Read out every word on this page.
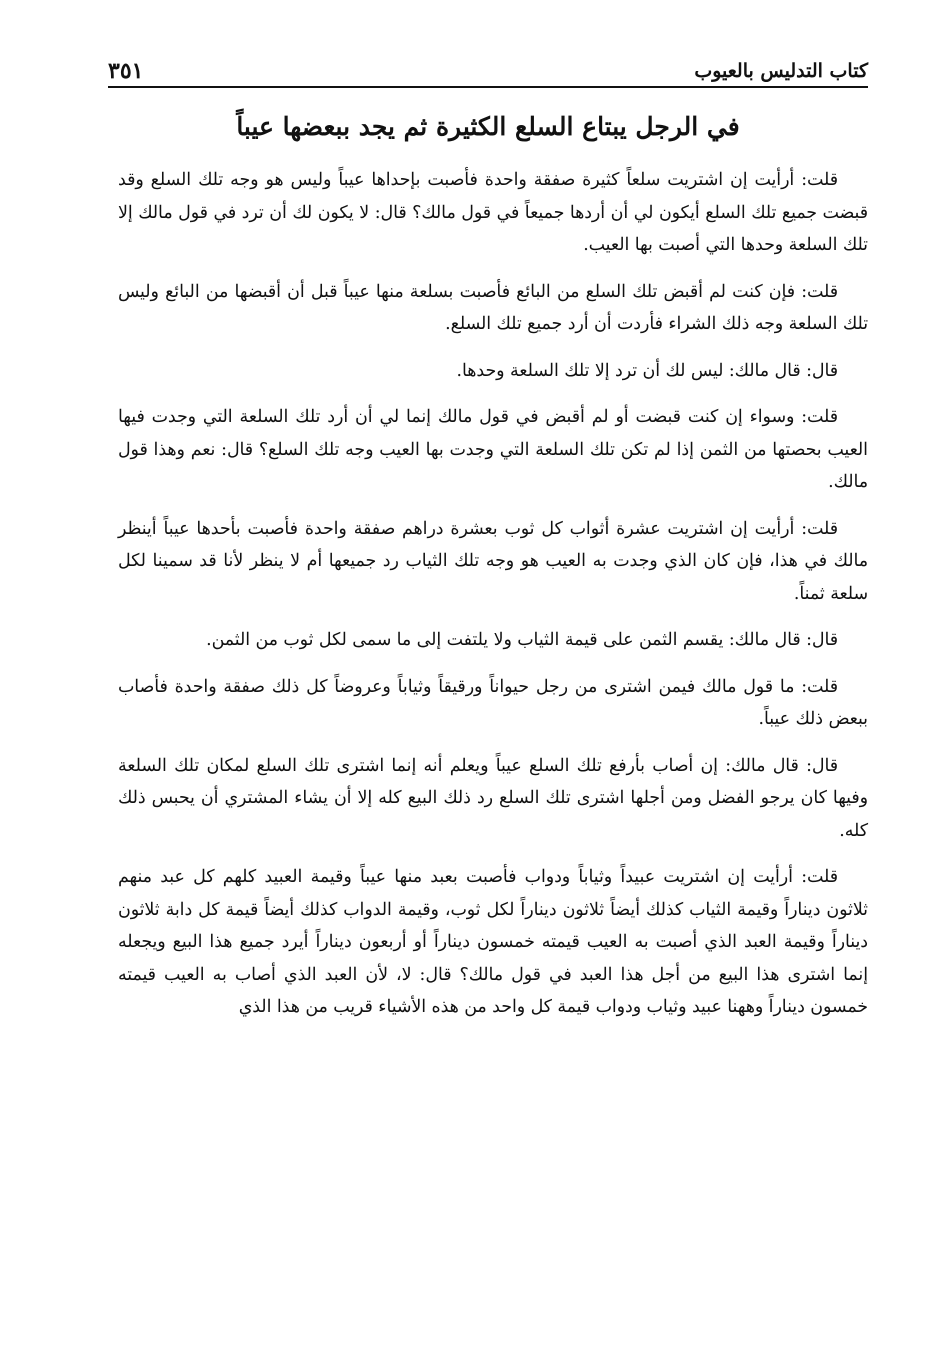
كتاب التدليس بالعيوب
٣٥١
في الرجل يبتاع السلع الكثيرة ثم يجد ببعضها عيباً

قلت: أرأيت إن اشتريت سلعاً كثيرة صفقة واحدة فأصبت بإحداها عيباً وليس هو وجه تلك السلع وقد قبضت جميع تلك السلع أيكون لي أن أردها جميعاً في قول مالك؟ قال: لا يكون لك أن ترد في قول مالك إلا تلك السلعة وحدها التي أصبت بها العيب.

قلت: فإن كنت لم أقبض تلك السلع من البائع فأصبت بسلعة منها عيباً قبل أن أقبضها من البائع وليس تلك السلعة وجه ذلك الشراء فأردت أن أرد جميع تلك السلع.

قال: قال مالك: ليس لك أن ترد إلا تلك السلعة وحدها.

قلت: وسواء إن كنت قبضت أو لم أقبض في قول مالك إنما لي أن أرد تلك السلعة التي وجدت فيها العيب بحصتها من الثمن إذا لم تكن تلك السلعة التي وجدت بها العيب وجه تلك السلع؟ قال: نعم وهذا قول مالك.

قلت: أرأيت إن اشتريت عشرة أثواب كل ثوب بعشرة دراهم صفقة واحدة فأصبت بأحدها عيباً أينظر مالك في هذا، فإن كان الذي وجدت به العيب هو وجه تلك الثياب رد جميعها أم لا ينظر لأنا قد سمينا لكل سلعة ثمناً.

قال: قال مالك: يقسم الثمن على قيمة الثياب ولا يلتفت إلى ما سمى لكل ثوب من الثمن.

قلت: ما قول مالك فيمن اشترى من رجل حيواناً ورقيقاً وثياباً وعروضاً كل ذلك صفقة واحدة فأصاب ببعض ذلك عيباً.

قال: قال مالك: إن أصاب بأرفع تلك السلع عيباً ويعلم أنه إنما اشترى تلك السلع لمكان تلك السلعة وفيها كان يرجو الفضل ومن أجلها اشترى تلك السلع رد ذلك البيع كله إلا أن يشاء المشتري أن يحبس ذلك كله.

قلت: أرأيت إن اشتريت عبيداً وثياباً ودواب فأصبت بعبد منها عيباً وقيمة العبيد كلهم كل عبد منهم ثلاثون ديناراً وقيمة الثياب كذلك أيضاً ثلاثون ديناراً لكل ثوب، وقيمة الدواب كذلك أيضاً قيمة كل دابة ثلاثون ديناراً وقيمة العبد الذي أصبت به العيب قيمته خمسون ديناراً أو أربعون ديناراً أيرد جميع هذا البيع ويجعله إنما اشترى هذا البيع من أجل هذا العبد في قول مالك؟ قال: لا، لأن العبد الذي أصاب به العيب قيمته خمسون ديناراً وههنا عبيد وثياب ودواب قيمة كل واحد من هذه الأشياء قريب من هذا الذي
